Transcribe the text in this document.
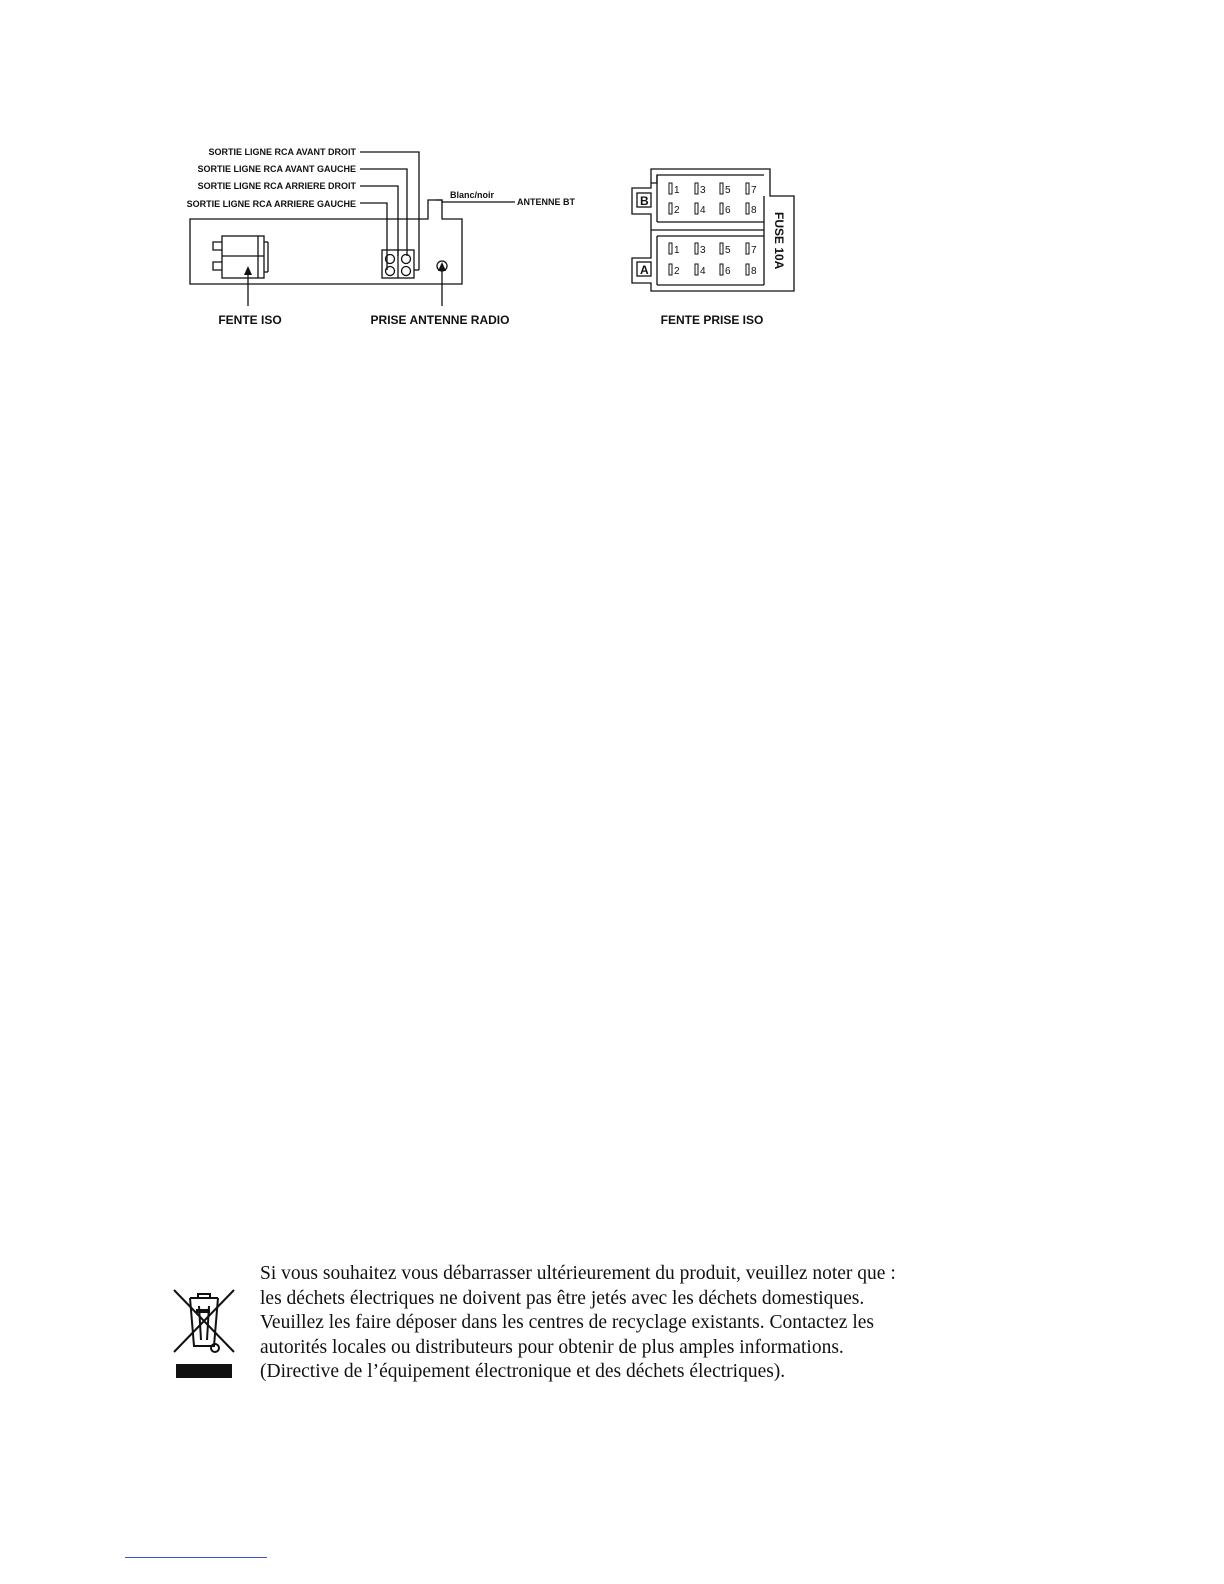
SORTIE LIGNE RCA AVANT DROIT
SORTIE LIGNE RCA AVANT GAUCHE
SORTIE LIGNE RCA ARRIERE DROIT
SORTIE LIGNE RCA ARRIERE GAUCHE
Blanc/noir
ANTENNE BT
FENTE ISO	PRISE ANTENNE RADIO	FENTE PRISE ISO
B
A
FUSE 10A
1 3 5 7
2 4 6 8
1 3 5 7
2 4 6 8
Si vous souhaitez vous débarrasser ultérieurement du produit, veuillez noter que :
les déchets électriques ne doivent pas être jetés avec les déchets domestiques.
Veuillez les faire déposer dans les centres de recyclage existants. Contactez les
autorités locales ou distributeurs pour obtenir de plus amples informations.
(Directive de l’équipement électronique et des déchets électriques).
